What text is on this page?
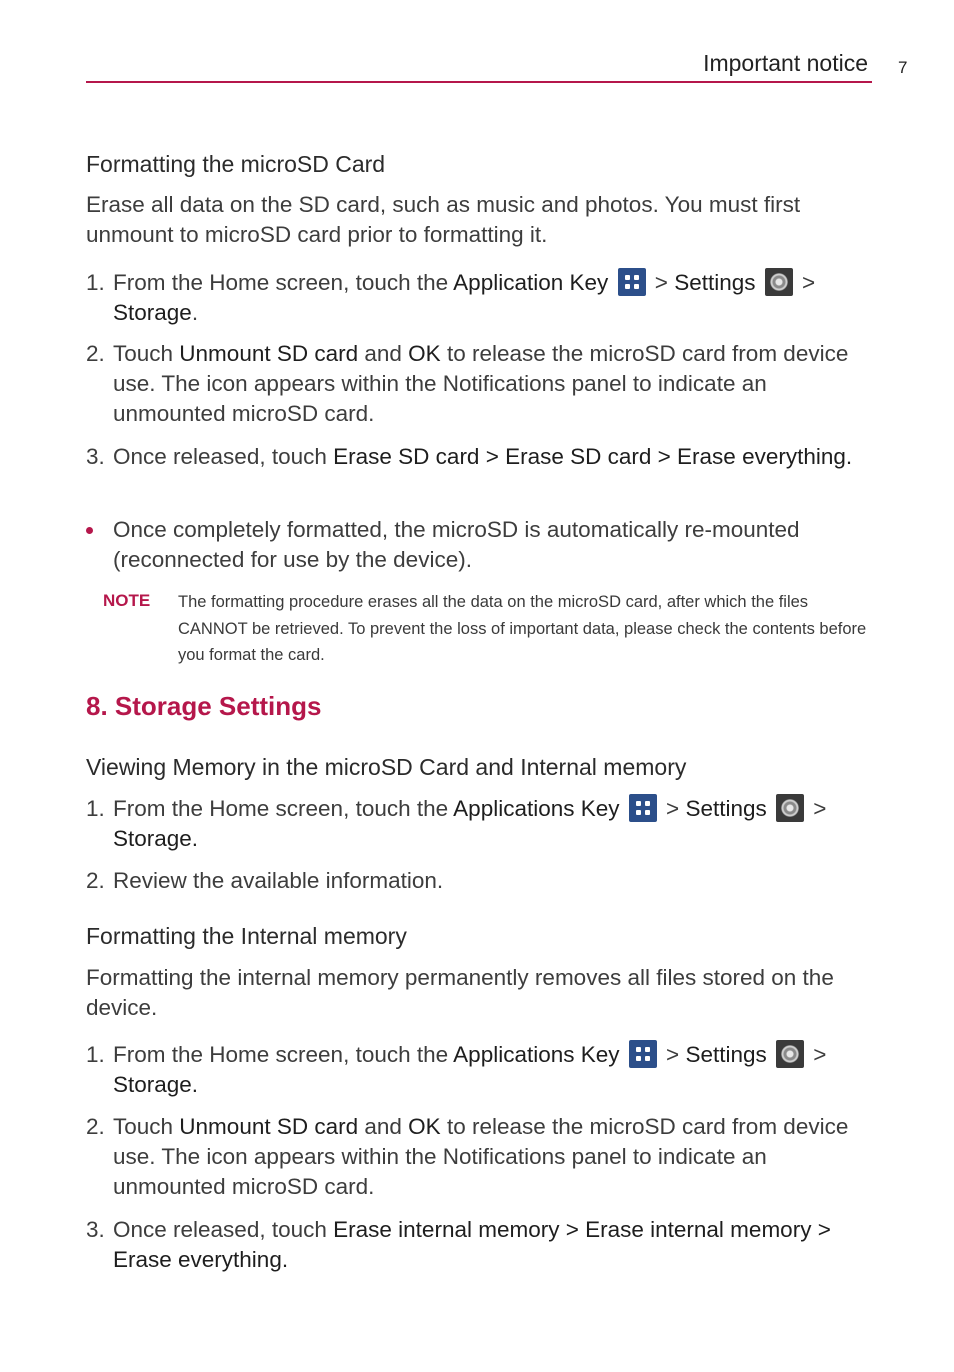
Important notice 7
Formatting the microSD Card
Erase all data on the SD card, such as music and photos. You must first unmount to microSD card prior to formatting it.
1. From the Home screen, touch the Application Key
> Settings  >
Storage.
2. Touch Unmount SD card and OK to release the microSD card from device use. The icon appears within the Notifications panel to indicate an unmounted microSD card.
3. Once released, touch Erase SD card > Erase SD card > Erase everything.
Once completely formatted, the microSD is automatically re-mounted (reconnected for use by the device).
NOTE The formatting procedure erases all the data on the microSD card, after which the files CANNOT be retrieved. To prevent the loss of important data, please check the contents before you format the card.
8. Storage Settings
Viewing Memory in the microSD Card and Internal memory
1. From the Home screen, touch the Applications Key
> Settings  >
Storage.
2. Review the available information.
Formatting the Internal memory
Formatting the internal memory permanently removes all files stored on the device.
1. From the Home screen, touch the Applications Key
> Settings  >
Storage.
2. Touch Unmount SD card and OK to release the microSD card from device use. The icon appears within the Notifications panel to indicate an unmounted microSD card.
3. Once released, touch Erase internal memory > Erase internal memory > Erase everything.
